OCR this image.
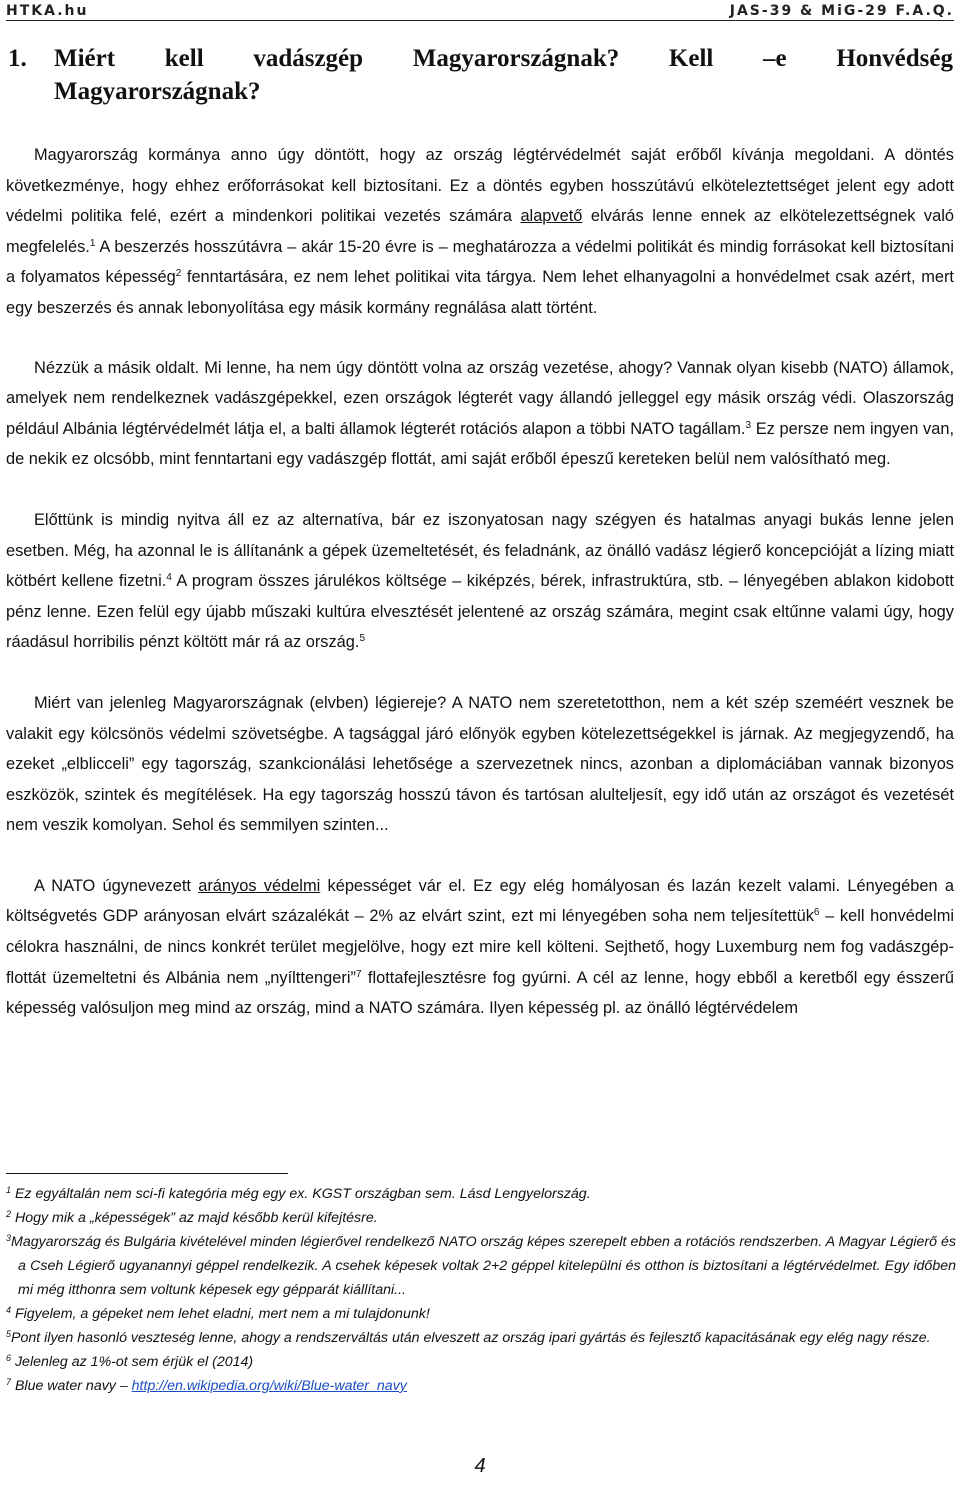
HTKA.hu	JAS-39 & MiG-29 F.A.Q.
1. Miért kell vadászgép Magyarországnak? Kell –e Honvédség
Magyarországnak?

Magyarország kormánya anno úgy döntött, hogy az ország légtérvédelmét saját erőből kívánja megoldani. A döntés következménye, hogy ehhez erőforrásokat kell biztosítani. Ez a döntés egyben hosszútávú elköteleztettséget jelent egy adott védelmi politika felé, ezért a mindenkori politikai vezetés számára alapvető elvárás lenne ennek az elkötelezettségnek való megfelelés.$^1$ A beszerzés hosszútávra – akár 15-20 évre is – meghatározza a védelmi politikát és mindig forrásokat kell biztosítani a folyamatos képesség$^2$ fenntartására, ez nem lehet politikai vita tárgya. Nem lehet elhanyagolni a honvédelmet csak azért, mert egy beszerzés és annak lebonyolítása egy másik kormány regnálása alatt történt.

Nézzük a másik oldalt. Mi lenne, ha nem úgy döntött volna az ország vezetése, ahogy? Vannak olyan kisebb (NATO) államok, amelyek nem rendelkeznek vadászgépekkel, ezen országok légterét vagy állandó jelleggel egy másik ország védi. Olaszország például Albánia légtérvédelmét látja el, a balti államok légterét rotációs alapon a többi NATO tagállam.$^3$ Ez persze nem ingyen van, de nekik ez olcsóbb, mint fenntartani egy vadászgép flottát, ami saját erőből épeszű kereteken belül nem valósítható meg.

Előttünk is mindig nyitva áll ez az alternatíva, bár ez iszonyatosan nagy szégyen és hatalmas anyagi bukás lenne jelen esetben. Még, ha azonnal le is állítanánk a gépek üzemeltetését, és feladnánk, az önálló vadász légierő koncepcióját a lízing miatt kötbért kellene fizetni.$^4$ A program összes járulékos költsége – kiképzés, bérek, infrastruktúra, stb. – lényegében ablakon kidobott pénz lenne. Ezen felül egy újabb műszaki kultúra elvesztését jelentené az ország számára, megint csak eltűnne valami úgy, hogy ráadásul horribilis pénzt költött már rá az ország.$^5$

Miért van jelenleg Magyarországnak (elvben) légiereje? A NATO nem szeretetotthon, nem a két szép szeméért vesznek be valakit egy kölcsönös védelmi szövetségbe. A tagsággal járó előnyök egyben kötelezettségekkel is járnak. Az megjegyzendő, ha ezeket „elblicceli” egy tagország, szankcionálási lehetősége a szervezetnek nincs, azonban a diplomáciában vannak bizonyos eszközök, szintek és megítélések. Ha egy tagország hosszú távon és tartósan alulteljesít, egy idő után az országot és vezetését nem veszik komolyan. Sehol és semmilyen szinten...

A NATO úgynevezett arányos védelmi képességet vár el. Ez egy elég homályosan és lazán kezelt valami. Lényegében a költségvetés GDP arányosan elvárt százalékát – 2% az elvárt szint, ezt mi lényegében soha nem teljesítettük$^6$ – kell honvédelmi célokra használni, de nincs konkrét terület megjelölve, hogy ezt mire kell költeni. Sejthető, hogy Luxemburg nem fog vadászgép-flottát üzemeltetni és Albánia nem „nyílttengeri”$^7$ flottafejlesztésre fog gyúrni. A cél az lenne, hogy ebből a keretből egy ésszerű képesség valósuljon meg mind az ország, mind a NATO számára. Ilyen képesség pl. az önálló légtérvédelem

$^1$ Ez egyáltalán nem sci-fi kategória még egy ex. KGST országban sem. Lásd Lengyelország.
$^2$ Hogy mik a „képességek” az majd később kerül kifejtésre.
$^3$Magyarország és Bulgária kivételével minden légierővel rendelkező NATO ország képes szerepelt ebben a rotációs rendszerben. A Magyar Légierő és a Cseh Légierő ugyanannyi géppel rendelkezik. A csehek képesek voltak 2+2 géppel kitelepülni és otthon is biztosítani a légtérvédelmet. Egy időben mi még itthonra sem voltunk képesek egy gépparát kiállítani...
$^4$ Figyelem, a gépeket nem lehet eladni, mert nem a mi tulajdonunk!
$^5$Pont ilyen hasonló veszteség lenne, ahogy a rendszerváltás után elveszett az ország ipari gyártás és fejlesztő kapacitásának egy elég nagy része.
$^6$ Jelenleg az 1%-ot sem érjük el (2014)
$^7$ Blue water navy – http://en.wikipedia.org/wiki/Blue-water_navy
4
